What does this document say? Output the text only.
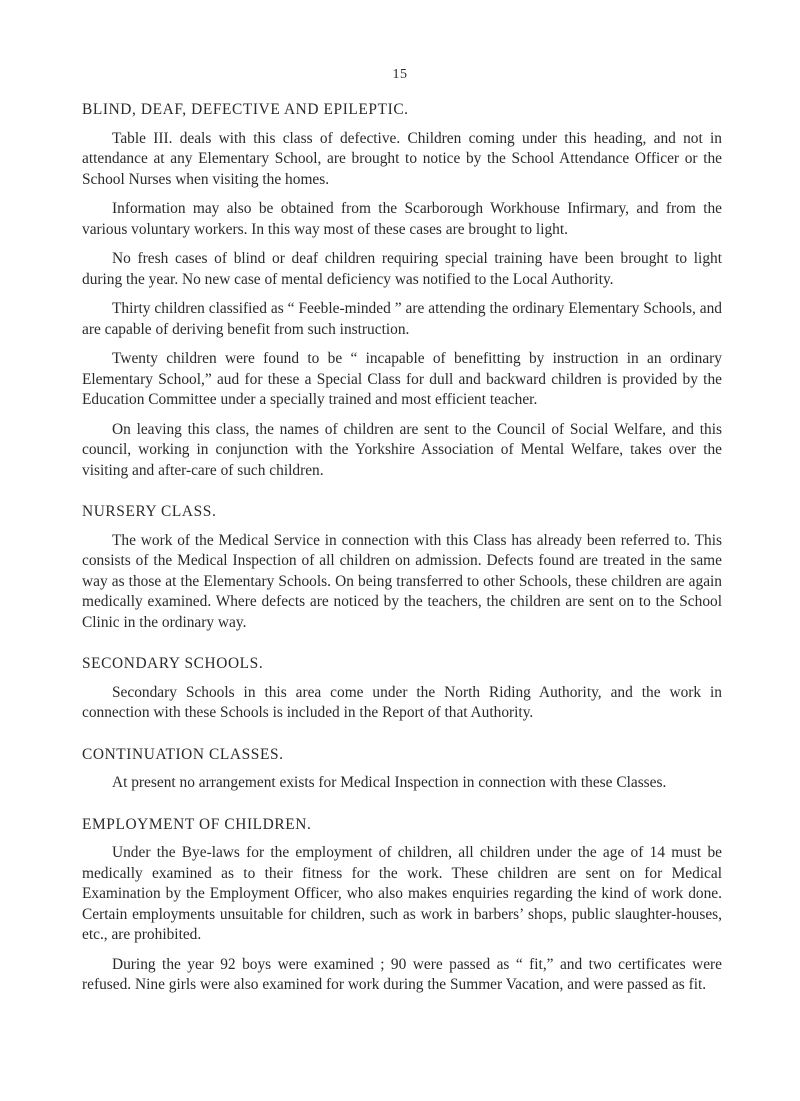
15
BLIND, DEAF, DEFECTIVE AND EPILEPTIC.

Table III. deals with this class of defective. Children coming under this heading, and not in attendance at any Elementary School, are brought to notice by the School Attendance Officer or the School Nurses when visiting the homes.

Information may also be obtained from the Scarborough Workhouse Infirmary, and from the various voluntary workers. In this way most of these cases are brought to light.

No fresh cases of blind or deaf children requiring special training have been brought to light during the year. No new case of mental deficiency was notified to the Local Authority.

Thirty children classified as “ Feeble-minded ” are attending the ordinary Elementary Schools, and are capable of deriving benefit from such instruction.

Twenty children were found to be “ incapable of benefitting by instruction in an ordinary Elementary School,” aud for these a Special Class for dull and backward children is provided by the Education Committee under a specially trained and most efficient teacher.

On leaving this class, the names of children are sent to the Council of Social Welfare, and this council, working in conjunction with the Yorkshire Association of Mental Welfare, takes over the visiting and after-care of such children.

NURSERY CLASS.

The work of the Medical Service in connection with this Class has already been referred to. This consists of the Medical Inspection of all children on admission. Defects found are treated in the same way as those at the Elementary Schools. On being transferred to other Schools, these children are again medically examined. Where defects are noticed by the teachers, the children are sent on to the School Clinic in the ordinary way.

SECONDARY SCHOOLS.

Secondary Schools in this area come under the North Riding Authority, and the work in connection with these Schools is included in the Report of that Authority.

CONTINUATION CLASSES.

At present no arrangement exists for Medical Inspection in connection with these Classes.

EMPLOYMENT OF CHILDREN.

Under the Bye-laws for the employment of children, all children under the age of 14 must be medically examined as to their fitness for the work. These children are sent on for Medical Examination by the Employment Officer, who also makes enquiries regarding the kind of work done. Certain employments unsuitable for children, such as work in barbers’ shops, public slaughter-houses, etc., are prohibited.

During the year 92 boys were examined ; 90 were passed as “ fit,” and two certificates were refused. Nine girls were also examined for work during the Summer Vacation, and were passed as fit.
